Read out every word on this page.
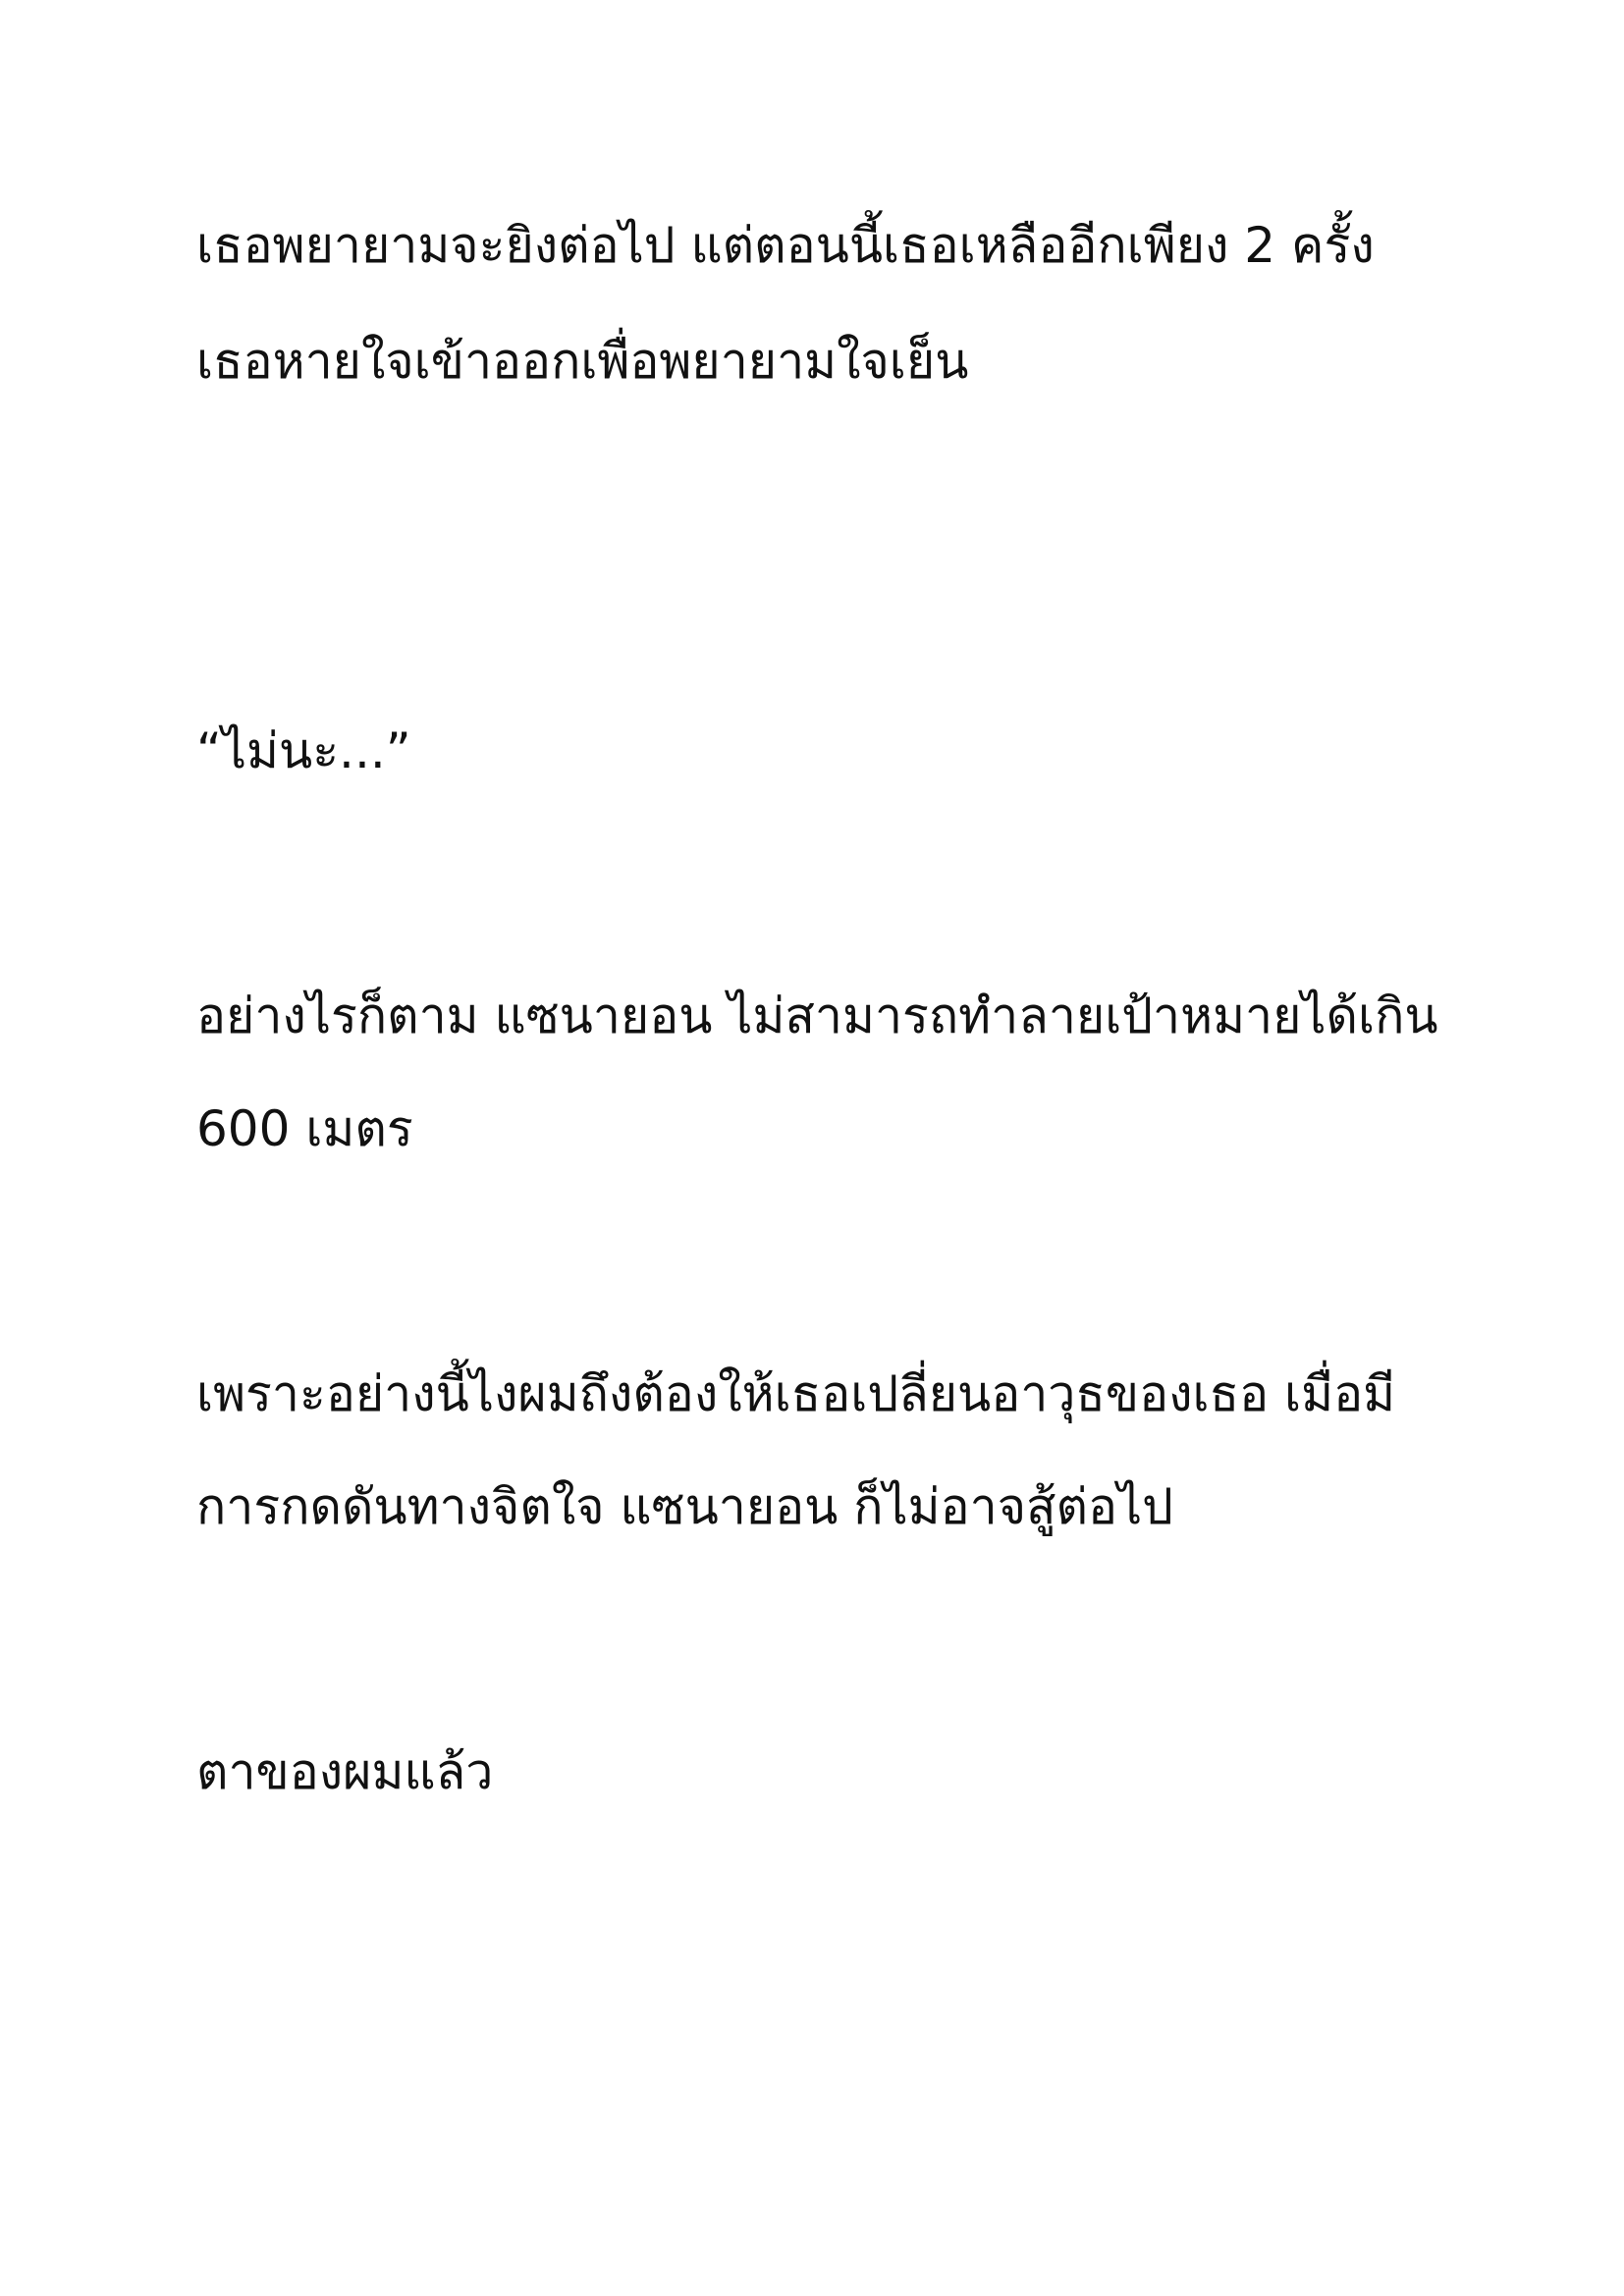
เธอพยายามจะยิงต่อไป แต่ตอนนี้เธอเหลืออีกเพียง 2 ครั้ง
เธอหายใจเข้าออกเพื่อพยายามใจเย็น
“ไม่นะ...”
อย่างไรก็ตาม แซนายอน ไม่สามารถทำลายเป้าหมายได้เกิน
600 เมตร
เพราะอย่างนี้ไงผมถึงต้องให้เธอเปลี่ยนอาวุธของเธอ เมื่อมี
การกดดันทางจิตใจ แซนายอน ก็ไม่อาจสู้ต่อไป
ตาของผมแล้ว
